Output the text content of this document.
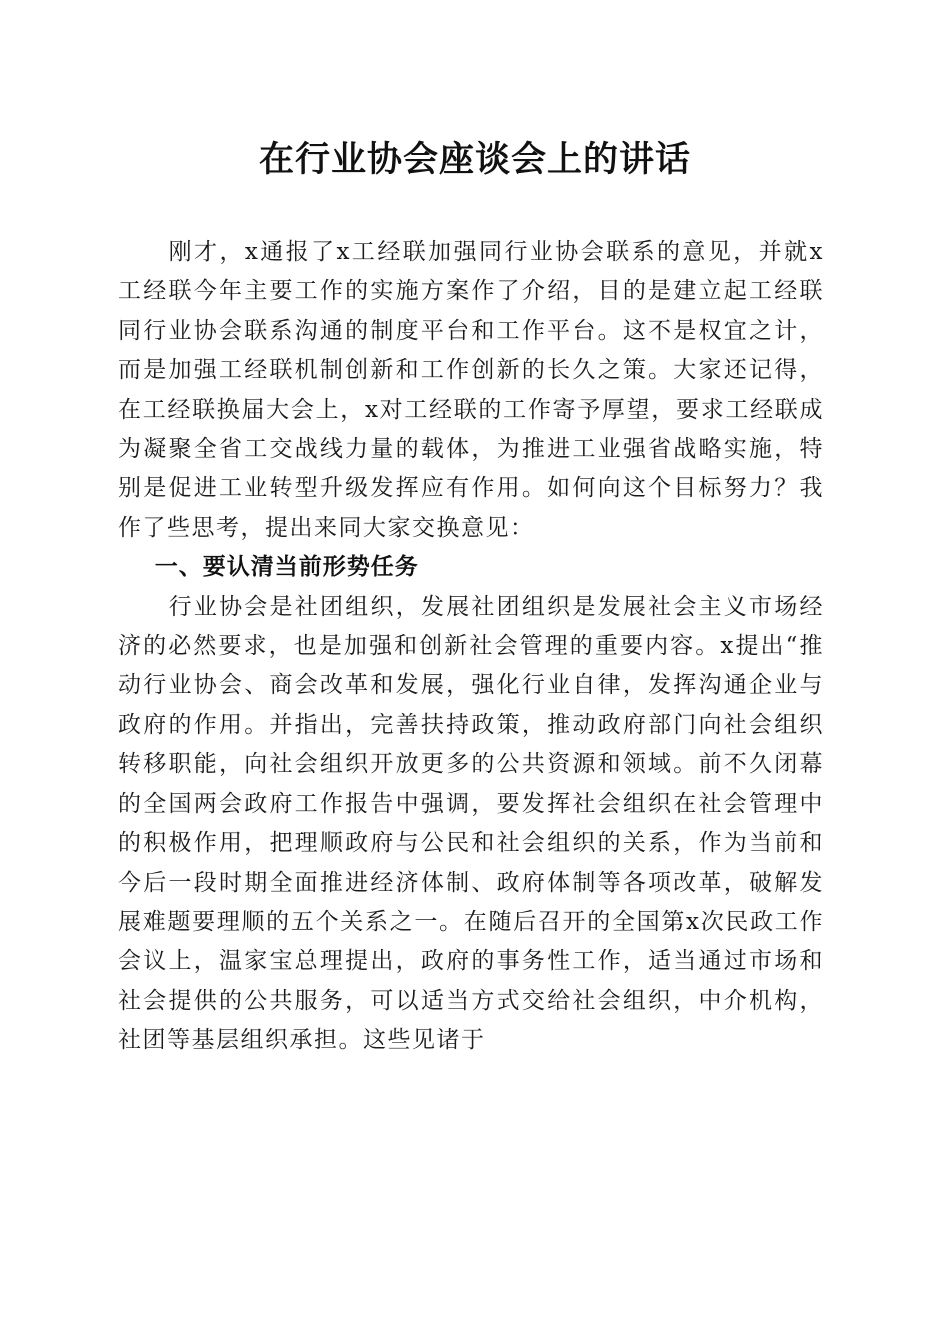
在行业协会座谈会上的讲话

刚才，x通报了x工经联加强同行业协会联系的意见，并就x工经联今年主要工作的实施方案作了介绍，目的是建立起工经联同行业协会联系沟通的制度平台和工作平台。这不是权宜之计，而是加强工经联机制创新和工作创新的长久之策。大家还记得，在工经联换届大会上，x对工经联的工作寄予厚望，要求工经联成为凝聚全省工交战线力量的载体，为推进工业强省战略实施，特别是促进工业转型升级发挥应有作用。如何向这个目标努力？我作了些思考，提出来同大家交换意见：

一、要认清当前形势任务

行业协会是社团组织，发展社团组织是发展社会主义市场经济的必然要求，也是加强和创新社会管理的重要内容。x提出“推动行业协会、商会改革和发展，强化行业自律，发挥沟通企业与政府的作用。并指出，完善扶持政策，推动政府部门向社会组织转移职能，向社会组织开放更多的公共资源和领域。前不久闭幕的全国两会政府工作报告中强调，要发挥社会组织在社会管理中的积极作用，把理顺政府与公民和社会组织的关系，作为当前和今后一段时期全面推进经济体制、政府体制等各项改革，破解发展难题要理顺的五个关系之一。在随后召开的全国第x次民政工作会议上，温家宝总理提出，政府的事务性工作，适当通过市场和社会提供的公共服务，可以适当方式交给社会组织，中介机构，社团等基层组织承担。这些见诸于
